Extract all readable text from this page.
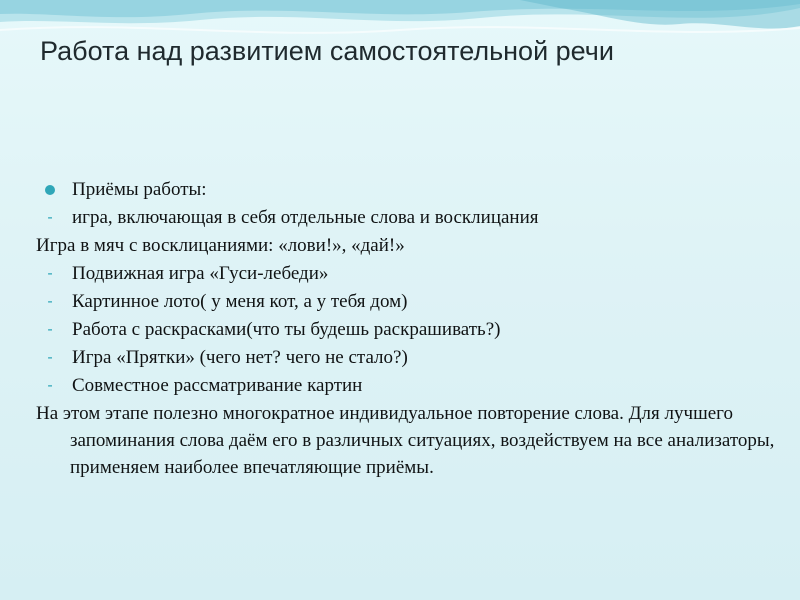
Работа над развитием самостоятельной речи
Приёмы работы:
-	игра, включающая в себя отдельные слова и восклицания
Игра в мяч с восклицаниями: «лови!», «дай!»
-	Подвижная игра «Гуси-лебеди»
-	Картинное лото( у меня кот, а у тебя дом)
-	Работа с раскрасками(что ты будешь раскрашивать?)
-	Игра «Прятки» (чего нет? чего не стало?)
-	Совместное рассматривание картин
На этом этапе полезно многократное индивидуальное повторение слова. Для лучшего запоминания слова даём его в различных ситуациях, воздействуем на все анализаторы, применяем наиболее впечатляющие приёмы.
